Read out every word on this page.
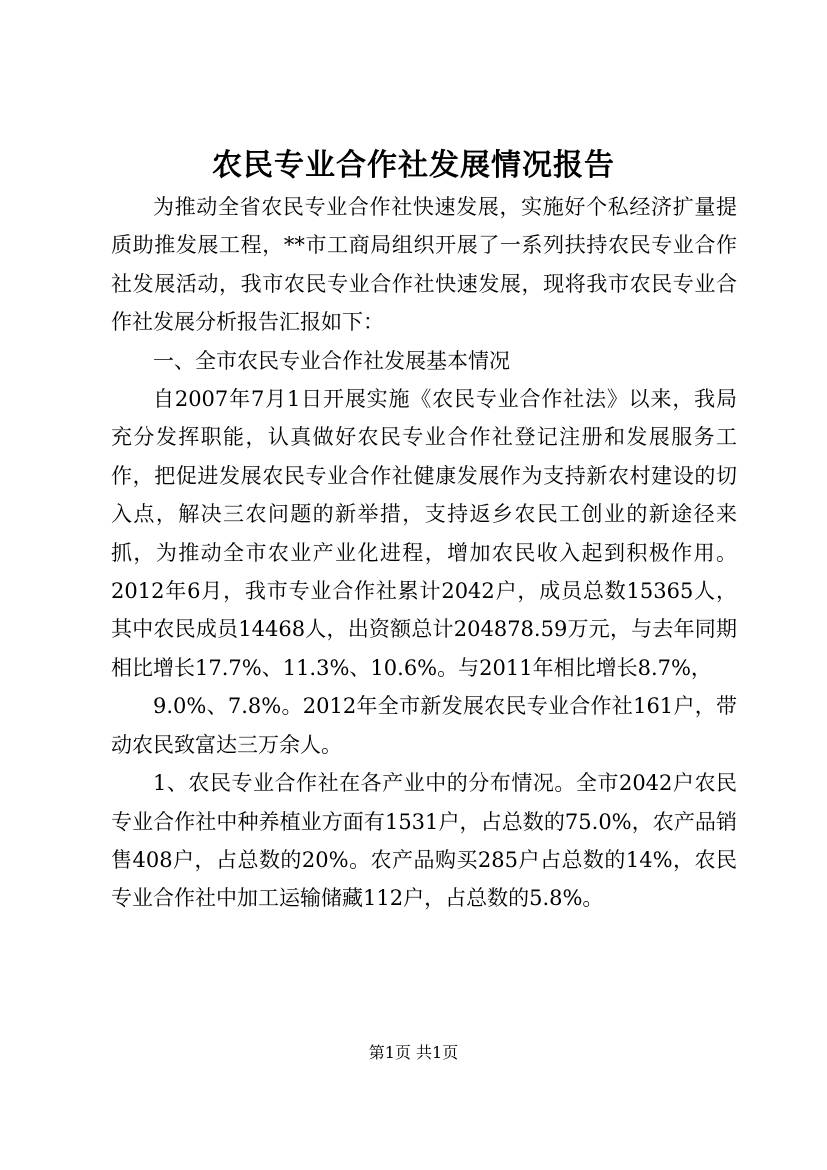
农民专业合作社发展情况报告

为推动全省农民专业合作社快速发展，实施好个私经济扩量提质助推发展工程，**市工商局组织开展了一系列扶持农民专业合作社发展活动，我市农民专业合作社快速发展，现将我市农民专业合作社发展分析报告汇报如下：

一、全市农民专业合作社发展基本情况

自2007年7月1日开展实施《农民专业合作社法》以来，我局充分发挥职能，认真做好农民专业合作社登记注册和发展服务工作，把促进发展农民专业合作社健康发展作为支持新农村建设的切入点，解决三农问题的新举措，支持返乡农民工创业的新途径来抓，为推动全市农业产业化进程，增加农民收入起到积极作用。2012年6月，我市专业合作社累计2042户，成员总数15365人，其中农民成员14468人，出资额总计204878.59万元，与去年同期相比增长17.7%、11.3%、10.6%。与2011年相比增长8.7%，

9.0%、7.8%。2012年全市新发展农民专业合作社161户，带动农民致富达三万余人。

1、农民专业合作社在各产业中的分布情况。全市2042户农民专业合作社中种养植业方面有1531户，占总数的75.0%，农产品销售408户，占总数的20%。农产品购买285户占总数的14%，农民专业合作社中加工运输储藏112户，占总数的5.8%。

第1页 共1页
